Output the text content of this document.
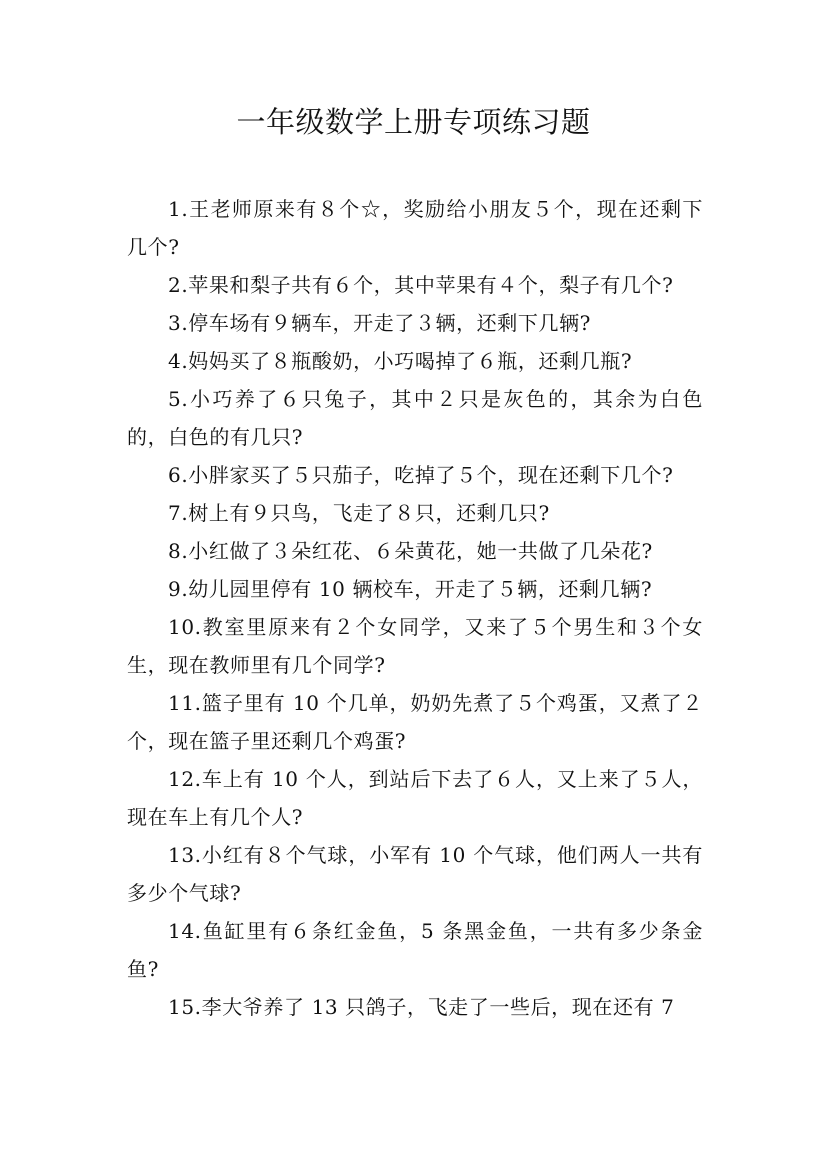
一年级数学上册专项练习题
1.王老师原来有８个☆，奖励给小朋友５个，现在还剩下几个?
2.苹果和梨子共有６个，其中苹果有４个，梨子有几个?
3.停车场有９辆车，开走了３辆，还剩下几辆?
4.妈妈买了８瓶酸奶，小巧喝掉了６瓶，还剩几瓶?
5.小巧养了６只兔子，其中２只是灰色的，其余为白色的，白色的有几只?
6.小胖家买了５只茄子，吃掉了５个，现在还剩下几个?
7.树上有９只鸟，飞走了８只，还剩几只?
8.小红做了３朵红花、６朵黄花，她一共做了几朵花?
9.幼儿园里停有 10 辆校车，开走了５辆，还剩几辆?
10.教室里原来有２个女同学，又来了５个男生和３个女生，现在教师里有几个同学?
11.篮子里有 10 个几单，奶奶先煮了５个鸡蛋，又煮了２个，现在篮子里还剩几个鸡蛋?
12.车上有 10 个人，到站后下去了６人，又上来了５人，现在车上有几个人?
13.小红有８个气球，小军有 10 个气球，他们两人一共有多少个气球?
14.鱼缸里有６条红金鱼，5 条黑金鱼，一共有多少条金鱼?
15.李大爷养了 13 只鸽子，飞走了一些后，现在还有 7
